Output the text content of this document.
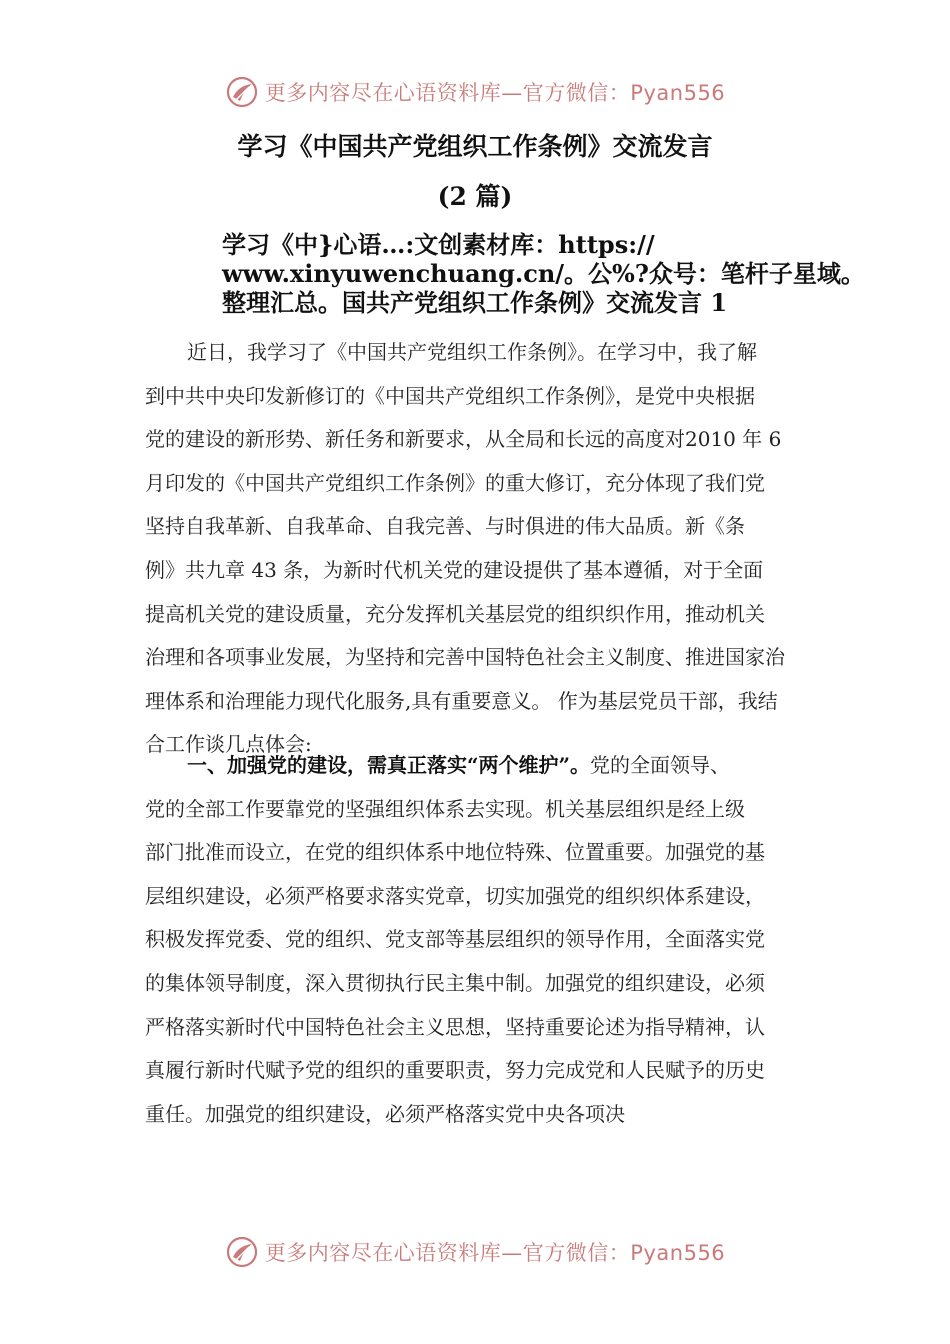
更多内容尽在心语资料库—官方微信：Pyan556
学习《中国共产党组织工作条例》交流发言
(2 篇)
学习《中}心语…:文创素材库：https://
www.xinyuwenchuang.cn/。公%?众号：笔杆子星域。
整理汇总。国共产党组织工作条例》交流发言 1
近日，我学习了《中国共产党组织工作条例》。在学习中，我了解
到中共中央印发新修订的《中国共产党组织工作条例》，是党中央根据
党的建设的新形势、新任务和新要求，从全局和长远的高度对2010 年 6
月印发的《中国共产党组织工作条例》的重大修订，充分体现了我们党
坚持自我革新、自我革命、自我完善、与时俱进的伟大品质。新《条
例》共九章 43 条，为新时代机关党的建设提供了基本遵循，对于全面
提高机关党的建设质量，充分发挥机关基层党的组织织作用，推动机关
治理和各项事业发展，为坚持和完善中国特色社会主义制度、推进国家治
理体系和治理能力现代化服务,具有重要意义。 作为基层党员干部，我结
合工作谈几点体会:
一、加强党的建设，需真正落实“两个维护”。党的全面领导、
党的全部工作要靠党的坚强组织体系去实现。机关基层组织是经上级
部门批准而设立，在党的组织体系中地位特殊、位置重要。加强党的基
层组织建设，必须严格要求落实党章，切实加强党的组织织体系建设，
积极发挥党委、党的组织、党支部等基层组织的领导作用，全面落实党
的集体领导制度，深入贯彻执行民主集中制。加强党的组织建设，必须
严格落实新时代中国特色社会主义思想，坚持重要论述为指导精神，认
真履行新时代赋予党的组织的重要职责，努力完成党和人民赋予的历史
重任。加强党的组织建设，必须严格落实党中央各项决
更多内容尽在心语资料库—官方微信：Pyan556
